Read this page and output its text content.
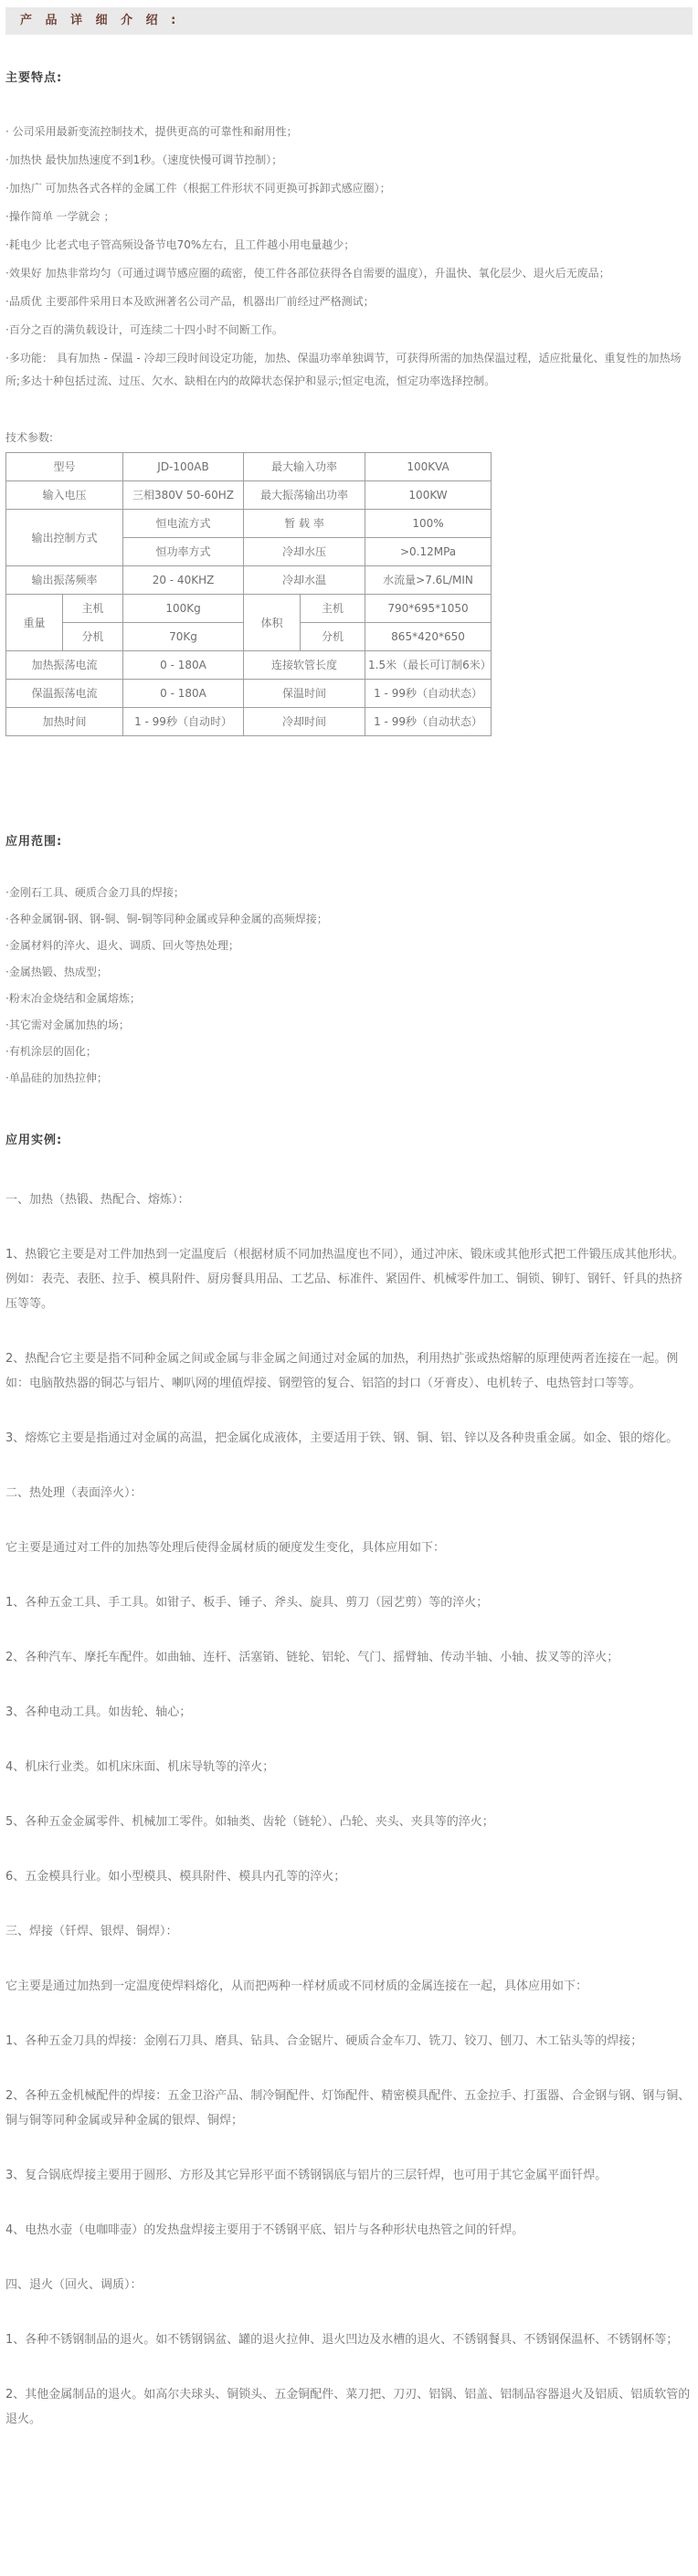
产 品 详 细 介 绍 :
主要特点:

· 公司采用最新变流控制技术，提供更高的可靠性和耐用性；

·加热快 最快加热速度不到1秒。（速度快慢可调节控制）；

·加热广 可加热各式各样的金属工件（根据工件形状不同更换可拆卸式感应圈）；

·操作简单 一学就会 ；

·耗电少 比老式电子管高频设备节电70%左右，且工件越小用电量越少；

·效果好 加热非常均匀（可通过调节感应圈的疏密，使工件各部位获得各自需要的温度），升温快、氧化层少、退火后无废品；

·品质优 主要部件采用日本及欧洲著名公司产品，机器出厂前经过严格测试；

·百分之百的满负载设计，可连续二十四小时不间断工作。

·多功能： 具有加热 - 保温 - 冷却三段时间设定功能，加热、保温功率单独调节，可获得所需的加热保温过程，适应批量化、重复性的加热场所;多达十种包括过流、过压、欠水、缺相在内的故障状态保护和显示;恒定电流，恒定功率选择控制。

技术参数:
型号		JD-100AB	最大输入功率		100KVA
输入电压		三相380V 50-60HZ	最大振荡输出功率		100KW
输出控制方式		恒电流方式	暂 载 率		100%
		恒功率方式	冷却水压		>0.12MPa
输出振荡频率		20 - 40KHZ	冷却水温		水流量>7.6L/MIN
重量	主机	100Kg	体积	主机	790*695*1050
	分机	70Kg		分机	865*420*650
加热振荡电流		0 - 180A	连接软管长度		1.5米（最长可订制6米）
保温振荡电流		0 - 180A	保温时间		1 - 99秒（自动状态）
加热时间		1 - 99秒（自动时）	冷却时间		1 - 99秒（自动状态）
应用范围:

·金刚石工具、硬质合金刀具的焊接；

·各种金属钢-钢、钢-铜、铜-铜等同种金属或异种金属的高频焊接；

·金属材料的淬火、退火、调质、回火等热处理；

·金属热锻、热成型；

·粉末冶金烧结和金属熔炼；

·其它需对金属加热的场；

·有机涂层的固化；

·单晶硅的加热拉伸；

应用实例:

一、加热（热锻、热配合、熔炼）：

1、热锻它主要是对工件加热到一定温度后（根据材质不同加热温度也不同），通过冲床、锻床或其他形式把工件锻压成其他形状。例如：表壳、表胚、拉手、模具附件、厨房餐具用品、工艺品、标准件、紧固件、机械零件加工、铜锁、铆钉、钢钎、钎具的热挤压等等。

2、热配合它主要是指不同种金属之间或金属与非金属之间通过对金属的加热，利用热扩张或热熔解的原理使两者连接在一起。例如：电脑散热器的铜芯与铝片、喇叭网的埋值焊接、钢塑管的复合、铝箔的封口（牙膏皮）、电机转子、电热管封口等等。

3、熔炼它主要是指通过对金属的高温，把金属化成液体，主要适用于铁、钢、铜、铝、锌以及各种贵重金属。如金、银的熔化。

二、热处理（表面淬火）：

它主要是通过对工件的加热等处理后使得金属材质的硬度发生变化，具体应用如下：

1、各种五金工具、手工具。如钳子、板手、锤子、斧头、旋具、剪刀（园艺剪）等的淬火；

2、各种汽车、摩托车配件。如曲轴、连杆、活塞销、链轮、铝轮、气门、摇臂轴、传动半轴、小轴、拔叉等的淬火；

3、各种电动工具。如齿轮、轴心；

4、机床行业类。如机床床面、机床导轨等的淬火；

5、各种五金金属零件、机械加工零件。如轴类、齿轮（链轮）、凸轮、夹头、夹具等的淬火；

6、五金模具行业。如小型模具、模具附件、模具内孔等的淬火；

三、焊接（钎焊、银焊、铜焊）：

它主要是通过加热到一定温度使焊料熔化，从而把两种一样材质或不同材质的金属连接在一起，具体应用如下：

1、各种五金刀具的焊接：金刚石刀具、磨具、钻具、合金锯片、硬质合金车刀、铣刀、铰刀、刨刀、木工钻头等的焊接；

2、各种五金机械配件的焊接：五金卫浴产品、制冷铜配件、灯饰配件、精密模具配件、五金拉手、打蛋器、合金钢与钢、钢与铜、铜与铜等同种金属或异种金属的银焊、铜焊；

3、复合锅底焊接主要用于圆形、方形及其它异形平面不锈钢锅底与铝片的三层钎焊，也可用于其它金属平面钎焊。

4、电热水壶（电咖啡壶）的发热盘焊接主要用于不锈钢平底、铝片与各种形状电热管之间的钎焊。

四、退火（回火、调质）：

1、各种不锈钢制品的退火。如不锈钢锅盆、罐的退火拉伸、退火凹边及水槽的退火、不锈钢餐具、不锈钢保温杯、不锈钢杯等；

2、其他金属制品的退火。如高尔夫球头、铜锁头、五金铜配件、菜刀把、刀刃、铝锅、铝盖、铝制品容器退火及铝质、铝质软管的退火。
